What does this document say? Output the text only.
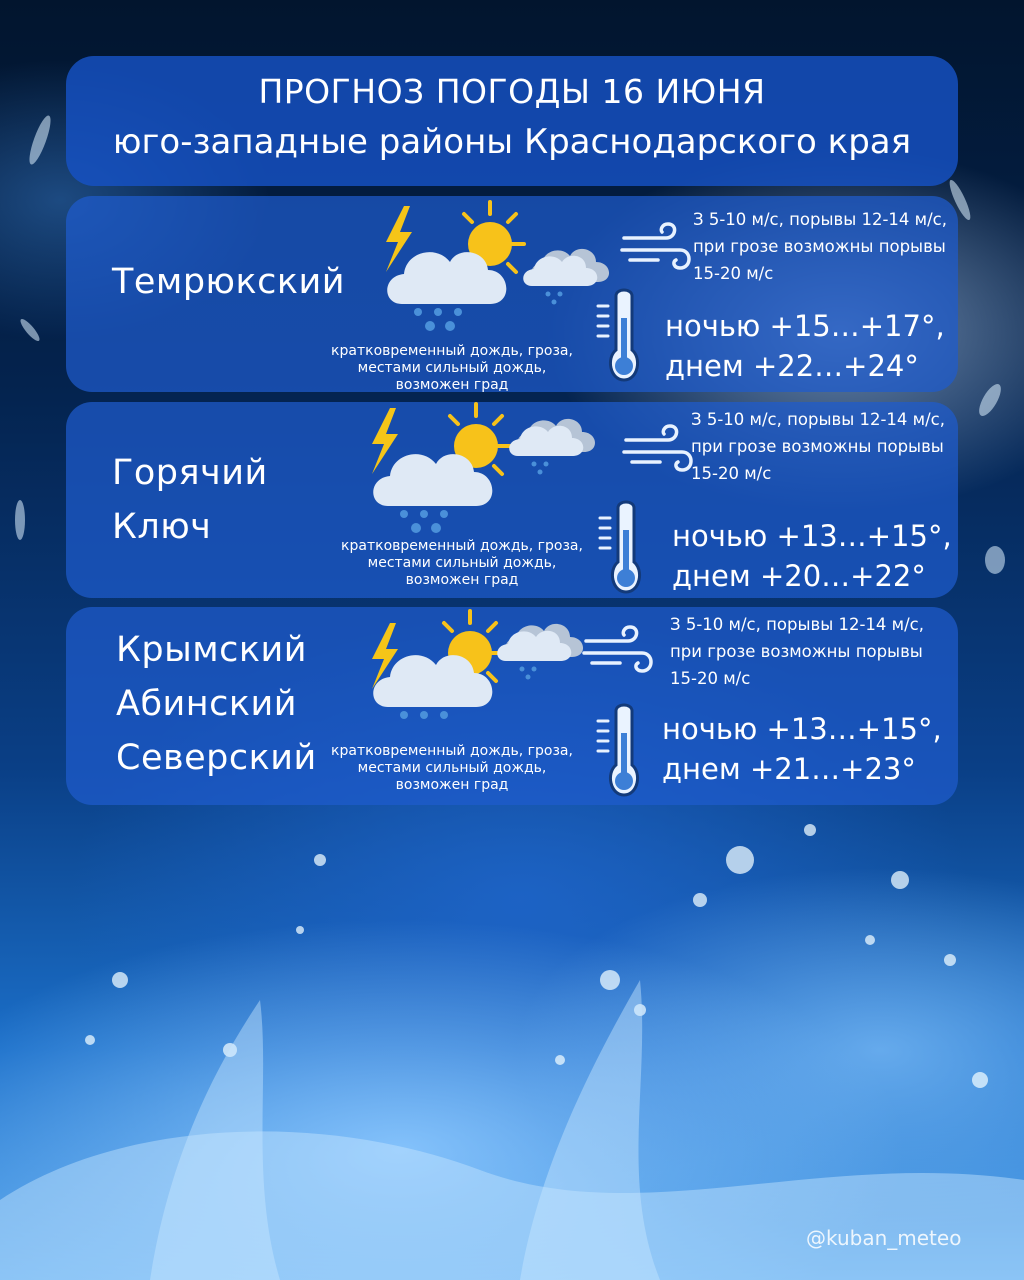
ПРОГНОЗ ПОГОДЫ 16 ИЮНЯ
юго-западные районы Краснодарского края
Темрюкский
З 5-10 м/с, порывы 12-14 м/с, при грозе возможны порывы 15-20 м/с
кратковременный дождь, гроза,
местами сильный дождь,
возможен град
ночью +15…+17°,
днем +22…+24°
Горячий
Ключ
З 5-10 м/с, порывы 12-14 м/с, при грозе возможны порывы 15-20 м/с
кратковременный дождь, гроза,
местами сильный дождь,
возможен град
ночью +13…+15°,
днем +20…+22°
Крымский
Абинский
Северский
З 5-10 м/с, порывы 12-14 м/с, при грозе возможны порывы 15-20 м/с
кратковременный дождь, гроза,
местами сильный дождь,
возможен град
ночью +13…+15°,
днем +21…+23°
@kuban_meteo
